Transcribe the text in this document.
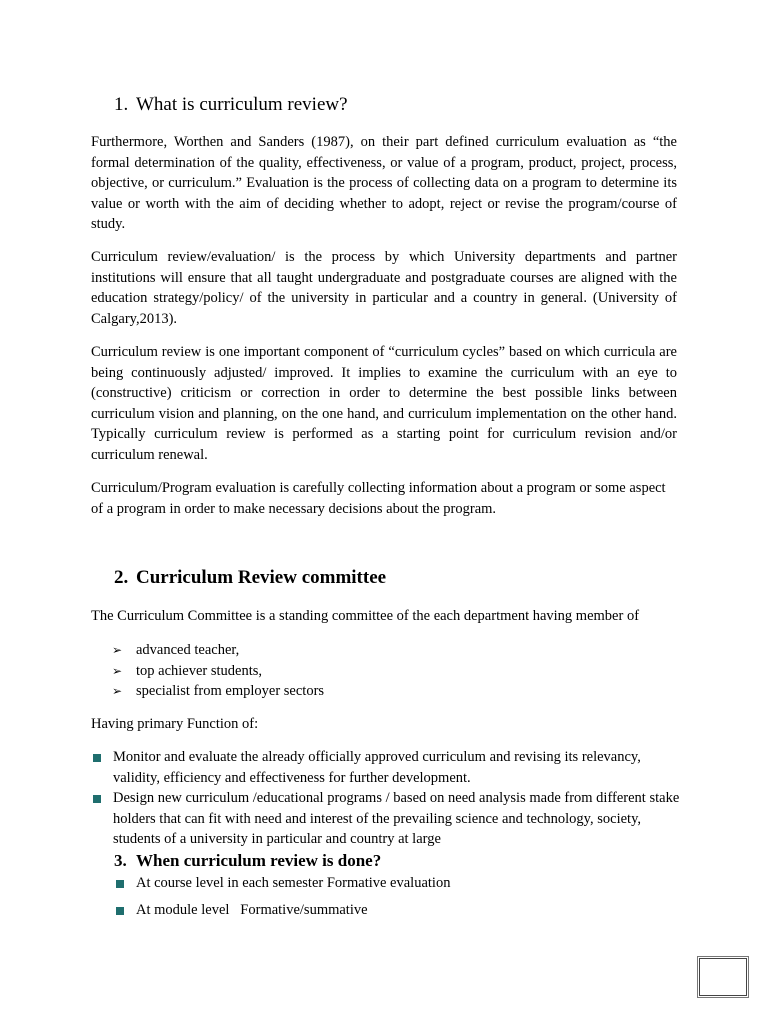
1. What is curriculum review?

Furthermore, Worthen and Sanders (1987), on their part defined curriculum evaluation as “the formal determination of the quality, effectiveness, or value of a program, product, project, process, objective, or curriculum.” Evaluation is the process of collecting data on a program to determine its value or worth with the aim of deciding whether to adopt, reject or revise the program/course of study.

Curriculum review/evaluation/ is the process by which University departments and partner institutions will ensure that all taught undergraduate and postgraduate courses are aligned with the education strategy/policy/ of the university in particular and a country in general. (University of Calgary,2013).

Curriculum review is one important component of “curriculum cycles” based on which curricula are being continuously adjusted/ improved. It implies to examine the curriculum with an eye to (constructive) criticism or correction in order to determine the best possible links between curriculum vision and planning, on the one hand, and curriculum implementation on the other hand. Typically curriculum review is performed as a starting point for curriculum revision and/or curriculum renewal.

Curriculum/Program evaluation is carefully collecting information about a program or some aspect of a program in order to make necessary decisions about the program.

2. Curriculum Review committee

The Curriculum Committee is a standing committee of the each department having member of

➢ advanced teacher,
➢ top achiever students,
➢ specialist from employer sectors

Having primary Function of:

Monitor and evaluate the already officially approved curriculum and revising its relevancy, validity, efficiency and effectiveness for further development.
Design new curriculum /educational programs / based on need analysis made from different stake holders that can fit with need and interest of the prevailing science and technology, society, students of a university in particular and country at large
3. When curriculum review is done?
At course level in each semester Formative evaluation
At module level   Formative/summative
